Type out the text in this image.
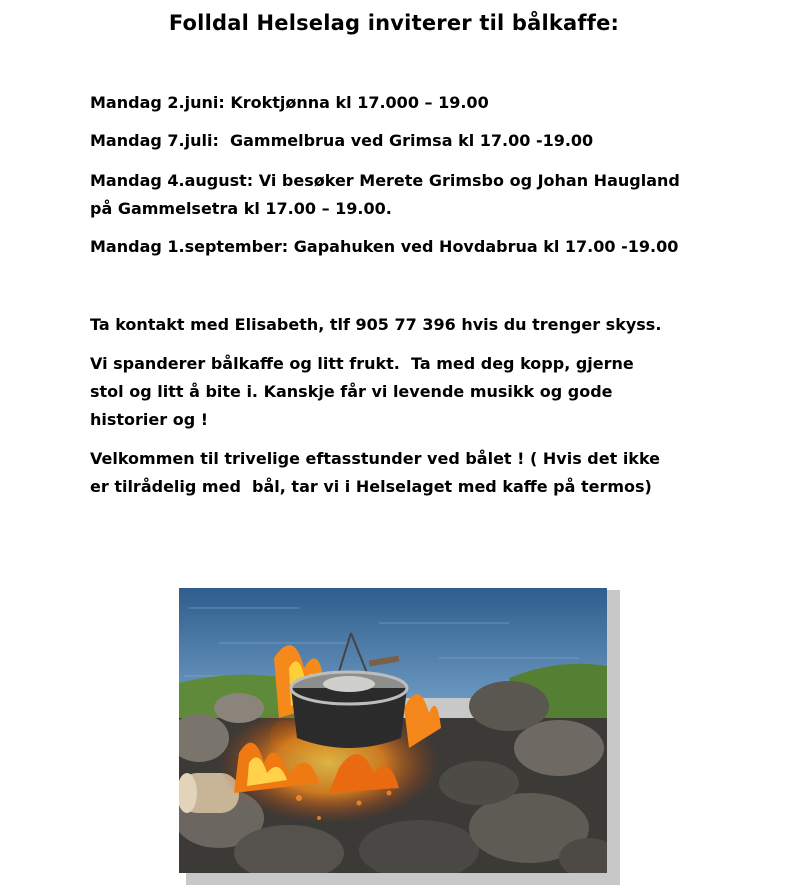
Folldal Helselag inviterer til bålkaffe:
Mandag 2.juni: Kroktjønna kl 17.000 – 19.00
Mandag 7.juli:  Gammelbrua ved Grimsa kl 17.00 -19.00
Mandag 4.august: Vi besøker Merete Grimsbo og Johan Haugland
på Gammelsetra kl 17.00 – 19.00.
Mandag 1.september: Gapahuken ved Hovdabrua kl 17.00 -19.00
Ta kontakt med Elisabeth, tlf 905 77 396 hvis du trenger skyss.
Vi spanderer bålkaffe og litt frukt.  Ta med deg kopp, gjerne
stol og litt å bite i. Kanskje får vi levende musikk og gode
historier og !
Velkommen til trivelige eftasstunder ved bålet ! ( Hvis det ikke
er tilrådelig med  bål, tar vi i Helselaget med kaffe på termos)
